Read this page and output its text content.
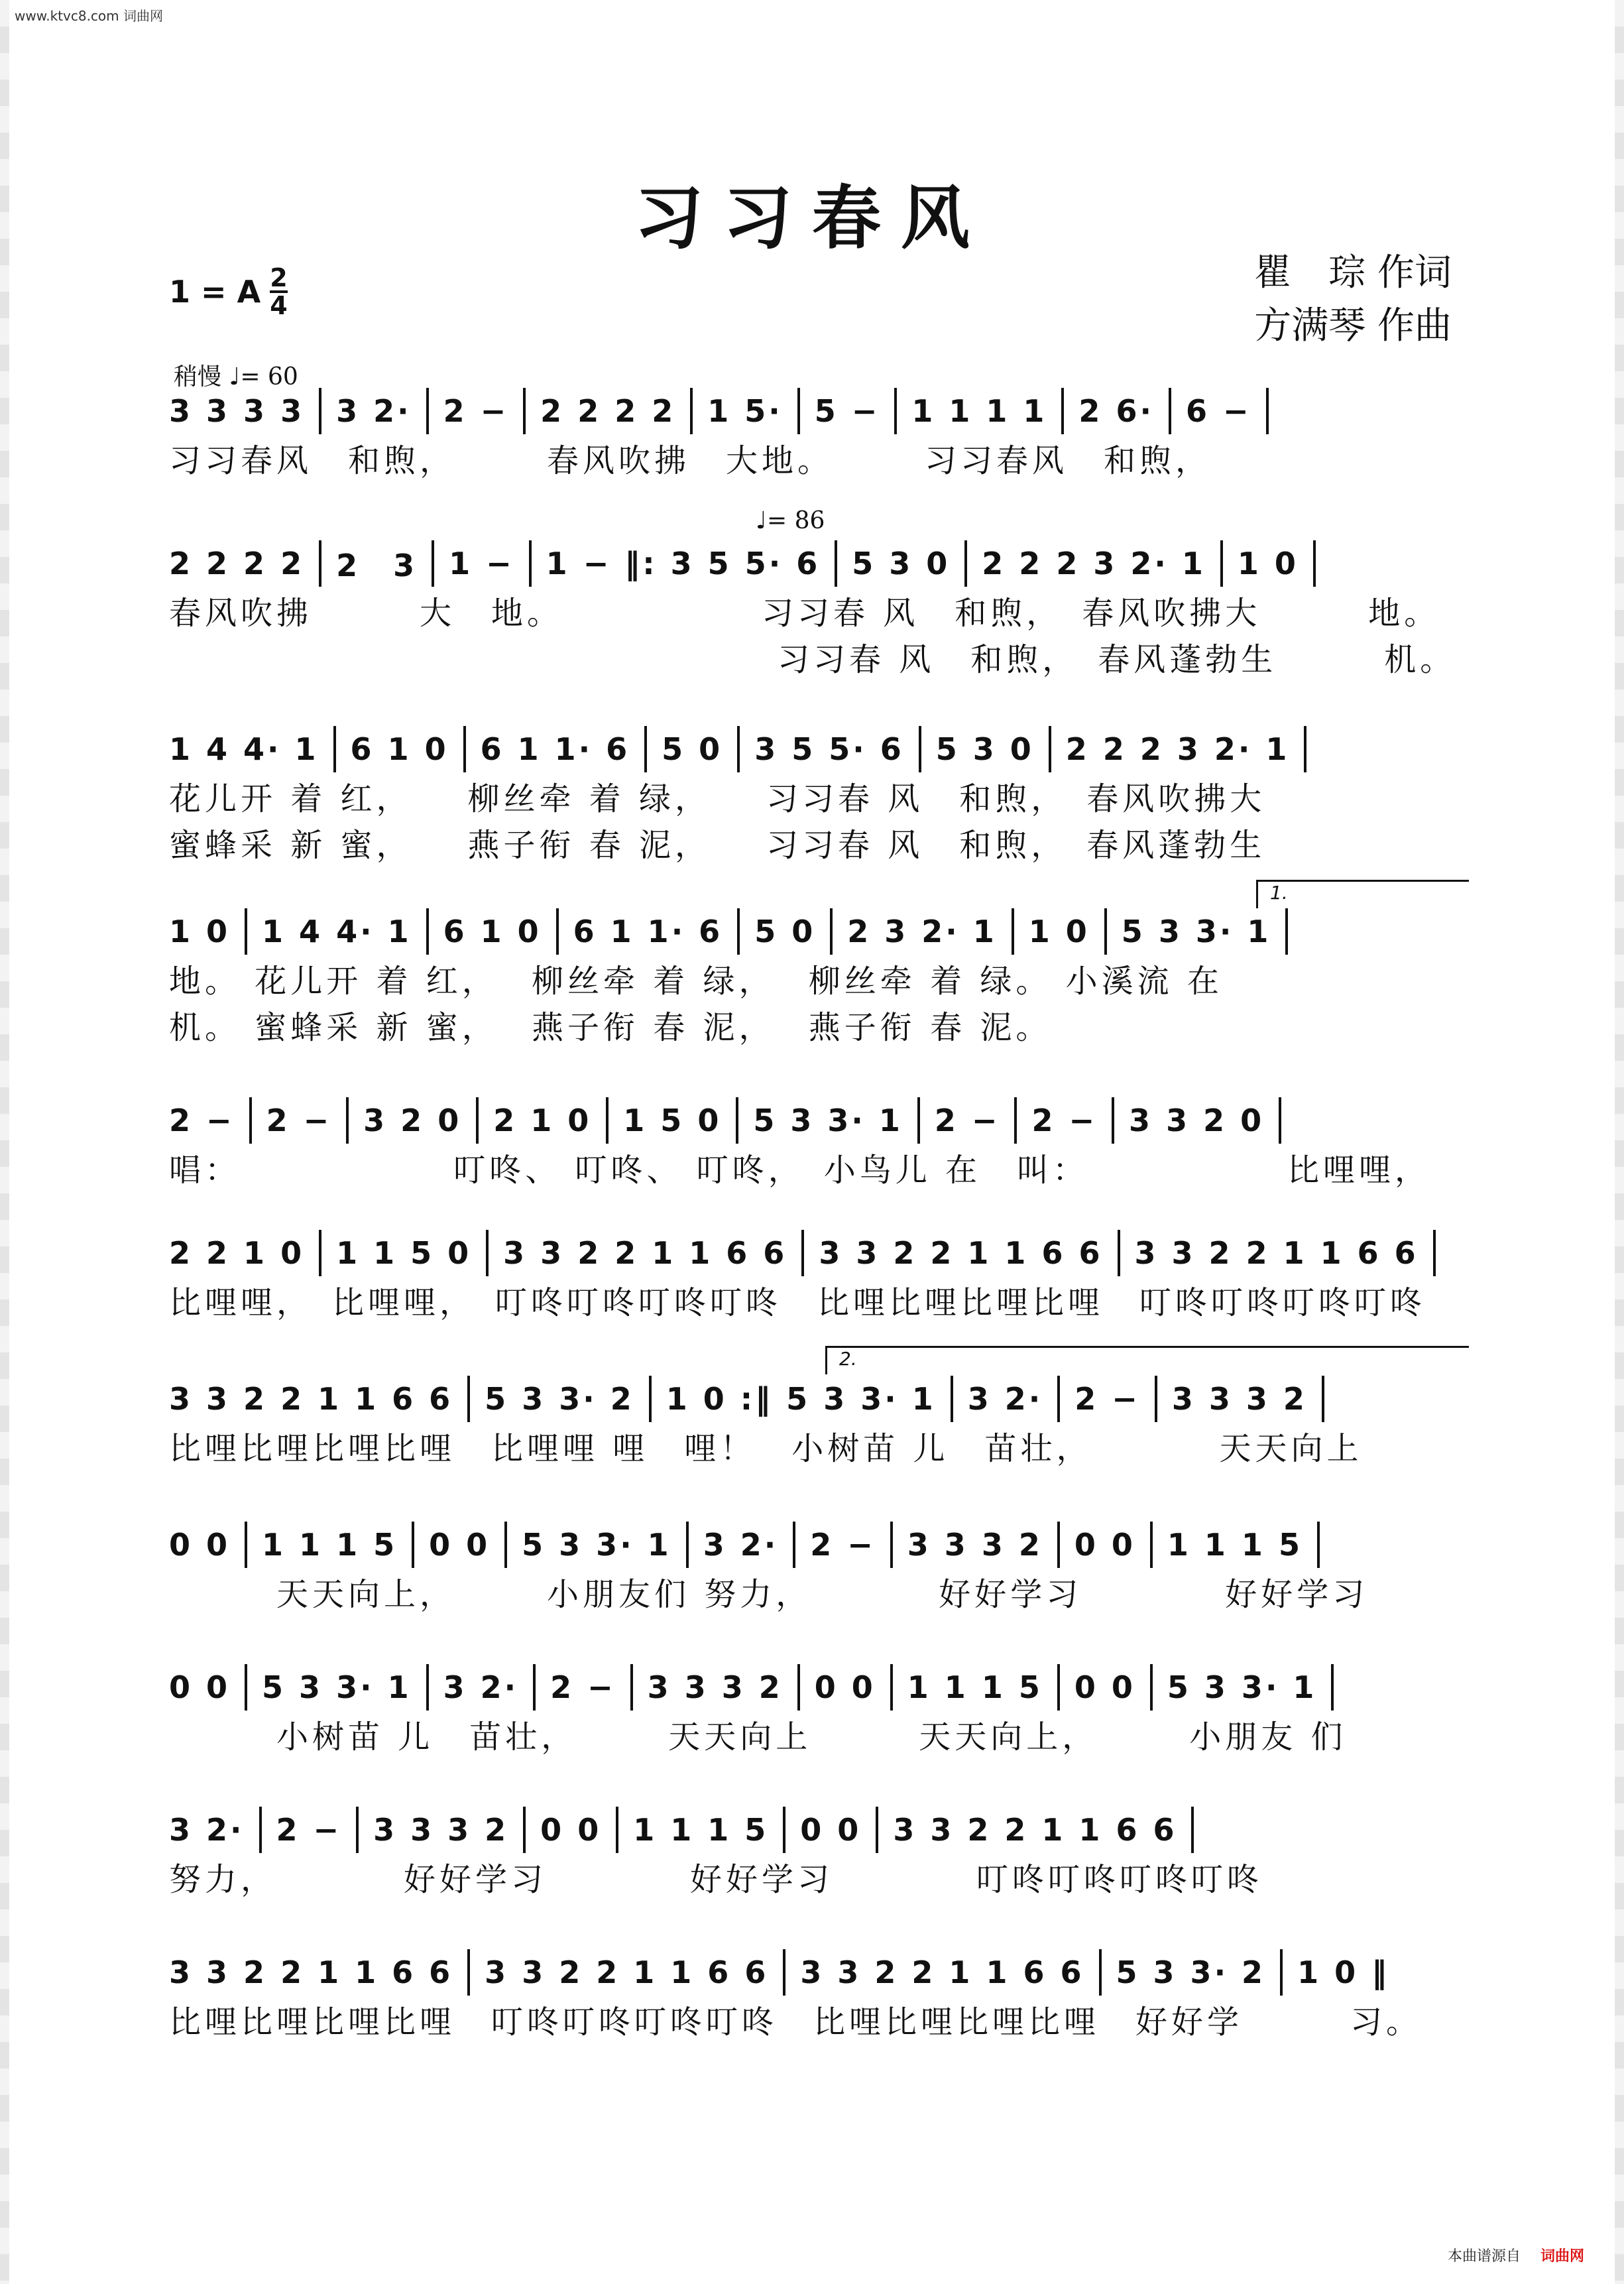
www.ktvc8.com 词曲网
习习春风
1 = A $\frac{2}{4}$	瞿　琮 作词
方满琴 作曲
稍慢 ♩= 60
♩= 86
3 3 3 3 3 2· 2 − 2 2 2 2 1 5· 5 − 1 1 1 1 2 6· 6 −
习习春风　和煦，　　　春风吹拂　大地。　　　习习春风　和煦，
2 2 2 2 2　3 1 − 1 − ‖: 3 5 5· 6 5 3 0 2 2 2 3 2· 1 1 0
春风吹拂　　　大　地。　　　　　　习习春 风　和煦，　春风吹拂大　　　地。
　　　　　　　　　　　　　　　　　习习春 风　和煦，　春风蓬勃生　　　机。
1 4 4· 1 6 1 0 6 1 1· 6 5 0 3 5 5· 6 5 3 0 2 2 2 3 2· 1
花儿开 着 红，　　柳丝牵 着 绿，　　习习春 风　和煦，　春风吹拂大
蜜蜂采 新 蜜，　　燕子衔 春 泥，　　习习春 风　和煦，　春风蓬勃生
1.
1 0 1 4 4· 1 6 1 0 6 1 1· 6 5 0 2 3 2· 1 1 0 5 3 3· 1
地。 花儿开 着 红，　 柳丝牵 着 绿，　 柳丝牵 着 绿。 小溪流 在
机。 蜜蜂采 新 蜜，　 燕子衔 春 泥，　 燕子衔 春 泥。
2 − 2 − 3 2 0 2 1 0 1 5 0 5 3 3· 1 2 − 2 − 3 3 2 0
唱：　　　　　　 叮咚、 叮咚、 叮咚，　小鸟儿 在　叫：　　　　　　比哩哩，
2 2 1 0 1 1 5 0 3 3 2 2 1 1 6 6 3 3 2 2 1 1 6 6 3 3 2 2 1 1 6 6
比哩哩，　比哩哩，　叮咚叮咚叮咚叮咚　比哩比哩比哩比哩　叮咚叮咚叮咚叮咚
2.
3 3 2 2 1 1 6 6 5 3 3· 2 1 0 :‖ 5 3 3· 1 3 2· 2 − 3 3 3 2
比哩比哩比哩比哩　比哩哩 哩　哩！　小树苗 儿　苗壮，　　　　天天向上
0 0 1 1 1 5 0 0 5 3 3· 1 3 2· 2 − 3 3 3 2 0 0 1 1 1 5
　　　天天向上，　　　小朋友们 努力，　　　　好好学习　　　　好好学习
0 0 5 3 3· 1 3 2· 2 − 3 3 3 2 0 0 1 1 1 5 0 0 5 3 3· 1
　　　小树苗 儿　苗壮，　　　天天向上　　　天天向上，　　　小朋友 们
3 2· 2 − 3 3 3 2 0 0 1 1 1 5 0 0 3 3 2 2 1 1 6 6
努力，　　　　好好学习　　　　好好学习　　　　叮咚叮咚叮咚叮咚
3 3 2 2 1 1 6 6 3 3 2 2 1 1 6 6 3 3 2 2 1 1 6 6 5 3 3· 2 1 0 ‖
比哩比哩比哩比哩　叮咚叮咚叮咚叮咚　比哩比哩比哩比哩　好好学　　　习。
本曲谱源自 词曲网
